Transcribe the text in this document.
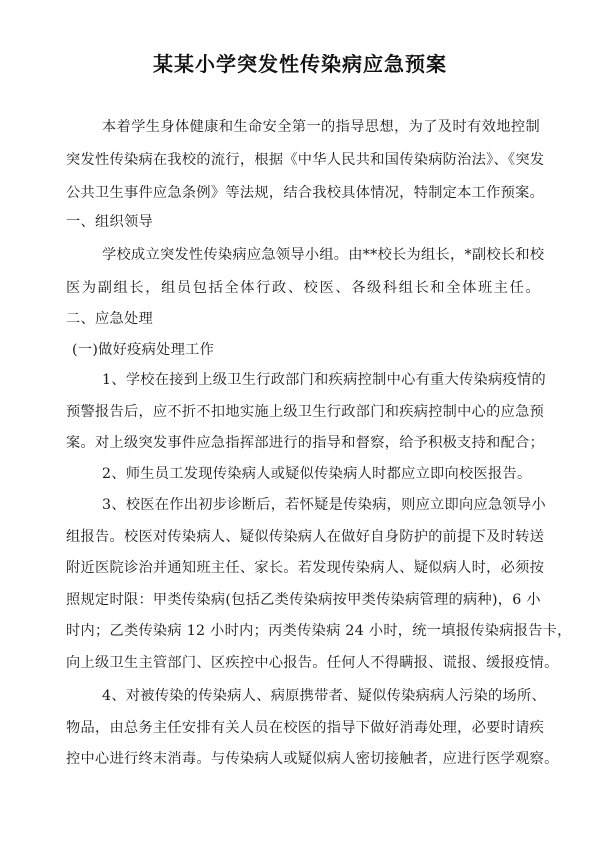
某某小学突发性传染病应急预案
本着学生身体健康和生命安全第一的指导思想，为了及时有效地控制
突发性传染病在我校的流行，根据《中华人民共和国传染病防治法》、《突发
公共卫生事件应急条例》等法规，结合我校具体情况，特制定本工作预案。
一、组织领导
学校成立突发性传染病应急领导小组。由**校长为组长，*副校长和校
医为副组长，组员包括全体行政、校医、各级科组长和全体班主任。
二、应急处理
(一)做好疫病处理工作
1、学校在接到上级卫生行政部门和疾病控制中心有重大传染病疫情的
预警报告后，应不折不扣地实施上级卫生行政部门和疾病控制中心的应急预
案。对上级突发事件应急指挥部进行的指导和督察，给予积极支持和配合；
2、师生员工发现传染病人或疑似传染病人时都应立即向校医报告。
3、校医在作出初步诊断后，若怀疑是传染病，则应立即向应急领导小
组报告。校医对传染病人、疑似传染病人在做好自身防护的前提下及时转送
附近医院诊治并通知班主任、家长。若发现传染病人、疑似病人时，必须按
照规定时限：甲类传染病(包括乙类传染病按甲类传染病管理的病种)，6 小
时内；乙类传染病 12 小时内；丙类传染病 24 小时，统一填报传染病报告卡，
向上级卫生主管部门、区疾控中心报告。任何人不得瞒报、谎报、缓报疫情。
4、对被传染的传染病人、病原携带者、疑似传染病病人污染的场所、
物品，由总务主任安排有关人员在校医的指导下做好消毒处理，必要时请疾
控中心进行终末消毒。与传染病人或疑似病人密切接触者，应进行医学观察。
